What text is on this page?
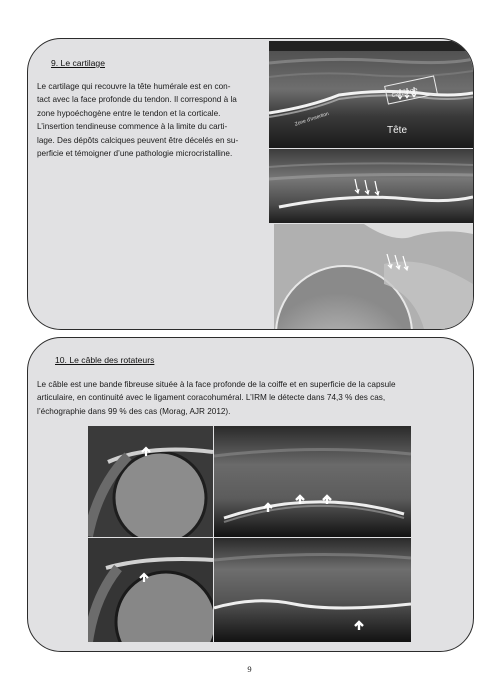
9. Le cartilage
Le cartilage qui recouvre la tête humérale est en con-
tact avec la face profonde du tendon. Il correspond à la
zone hypoéchogène entre le tendon et la corticale.
L’insertion tendineuse commence à la limite du carti-
lage. Des dépôts calciques peuvent être décelés en su-
perficie et témoigner d’une pathologie microcristalline.
cartilage
Zone d'insertion
Tête
10. Le câble des rotateurs
Le câble est une bande fibreuse située à la face profonde de la coiffe et en superficie de la capsule
articulaire, en continuité avec le ligament coracohuméral. L’IRM le détecte dans 74,3 % des cas,
l’échographie dans 99 % des cas (Morag, AJR 2012).
9
